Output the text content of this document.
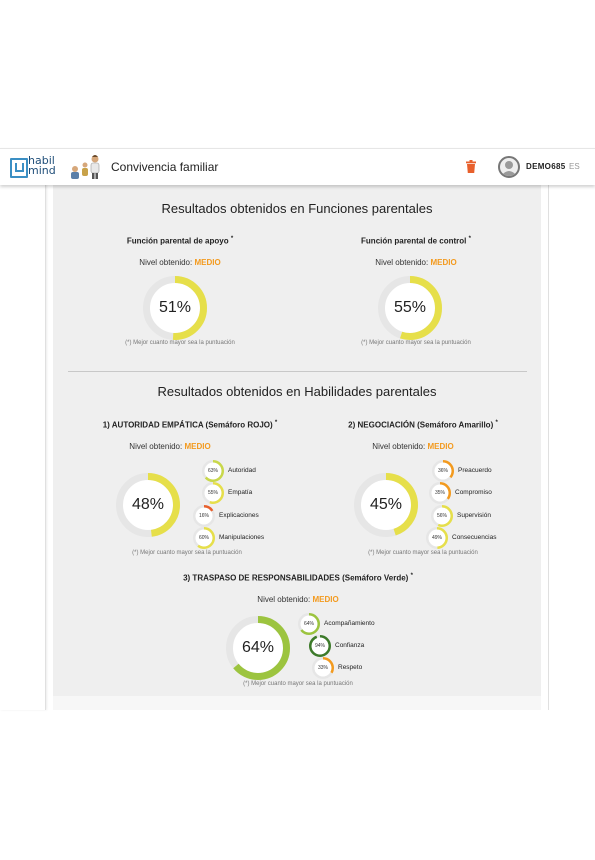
habil
mind	Convivencia familiar	DEMO685 ES
Resultados obtenidos en Funciones parentales
Función parental de apoyo *
Nivel obtenido: MEDIO
51%
(*) Mejor cuanto mayor sea la puntuación
Función parental de control *
Nivel obtenido: MEDIO
55%
(*) Mejor cuanto mayor sea la puntuación
Resultados obtenidos en Habilidades parentales
1) AUTORIDAD EMPÁTICA (Semáforo ROJO) *
Nivel obtenido: MEDIO
48%
63%	Autoridad
55%	Empatía
16%	Explicaciones
60%	Manipulaciones
(*) Mejor cuanto mayor sea la puntuación
2) NEGOCIACIÓN (Semáforo Amarillo) *
Nivel obtenido: MEDIO
45%
36%	Preacuerdo
35%	Compromiso
56%	Supervisión
49%	Consecuencias
(*) Mejor cuanto mayor sea la puntuación
3) TRASPASO DE RESPONSABILIDADES (Semáforo Verde) *
Nivel obtenido: MEDIO
64%
64%	Acompañamiento
94%	Confianza
33%	Respeto
(*) Mejor cuanto mayor sea la puntuación
